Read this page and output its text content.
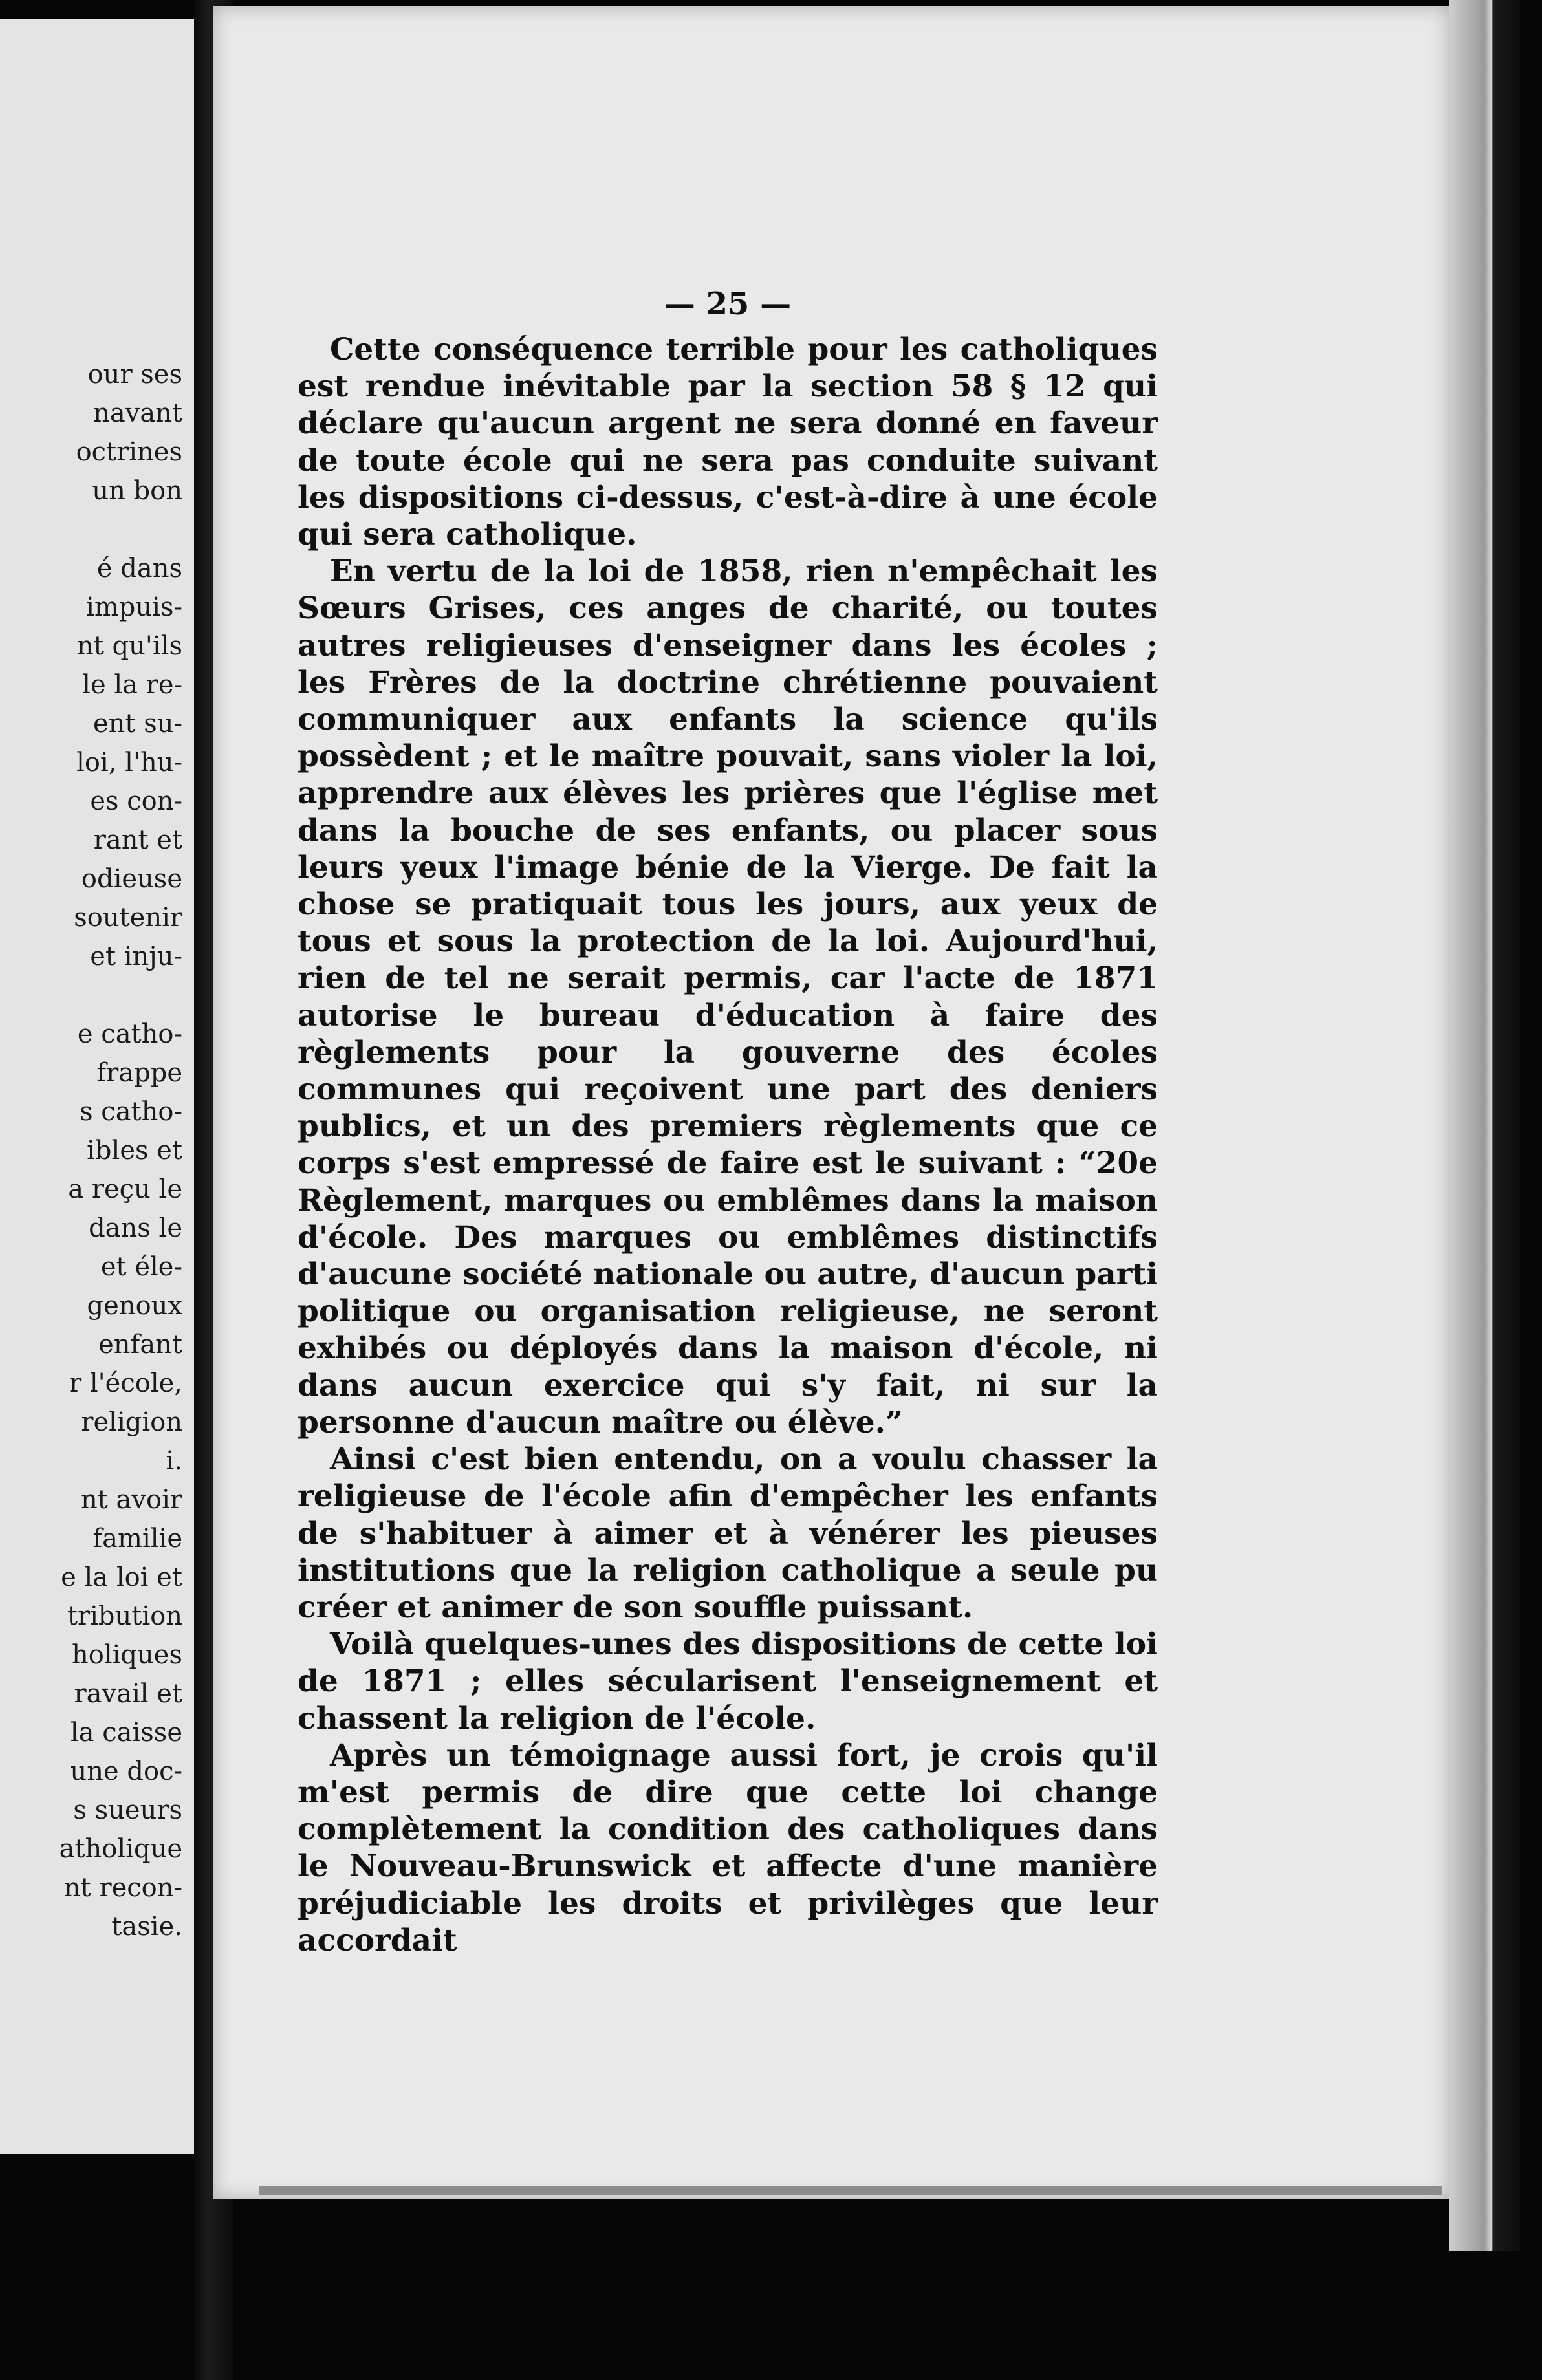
our ses
navant
octrines
un bon
é dans
impuis-
nt qu'ils
le la re-
ent su-
loi, l'hu-
es con-
rant et
odieuse
soutenir
et inju-
e catho-
frappe
s catho-
ibles et
a reçu le
dans le
et éle-
genoux
enfant
r l'école,
religion
i.
nt avoir
familie
e la loi et
tribution
holiques
ravail et
la caisse
une doc-
s sueurs
atholique
nt recon-
tasie.
— 25 —

Cette conséquence terrible pour les catholiques est rendue inévitable par la section 58 § 12 qui déclare qu'aucun argent ne sera donné en faveur de toute école qui ne sera pas conduite suivant les dispositions ci-dessus, c'est-à-dire à une école qui sera catholique.

En vertu de la loi de 1858, rien n'empêchait les Sœurs Grises, ces anges de charité, ou toutes autres religieuses d'enseigner dans les écoles ; les Frères de la doctrine chrétienne pouvaient communiquer aux enfants la science qu'ils possèdent ; et le maître pouvait, sans violer la loi, apprendre aux élèves les prières que l'église met dans la bouche de ses enfants, ou placer sous leurs yeux l'image bénie de la Vierge. De fait la chose se pratiquait tous les jours, aux yeux de tous et sous la protection de la loi. Aujourd'hui, rien de tel ne serait permis, car l'acte de 1871 autorise le bureau d'éducation à faire des règlements pour la gouverne des écoles communes qui reçoivent une part des deniers publics, et un des premiers règlements que ce corps s'est empressé de faire est le suivant : “20e Règlement, marques ou emblêmes dans la maison d'école. Des marques ou emblêmes distinctifs d'aucune société nationale ou autre, d'aucun parti politique ou organisation religieuse, ne seront exhibés ou déployés dans la maison d'école, ni dans aucun exercice qui s'y fait, ni sur la personne d'aucun maître ou élève.”

Ainsi c'est bien entendu, on a voulu chasser la religieuse de l'école afin d'empêcher les enfants de s'habituer à aimer et à vénérer les pieuses institutions que la religion catholique a seule pu créer et animer de son souffle puissant.

Voilà quelques-unes des dispositions de cette loi de 1871 ; elles sécularisent l'enseignement et chassent la religion de l'école.

Après un témoignage aussi fort, je crois qu'il m'est permis de dire que cette loi change complètement la condition des catholiques dans le Nouveau-Brunswick et affecte d'une manière préjudiciable les droits et privilèges que leur accordait
